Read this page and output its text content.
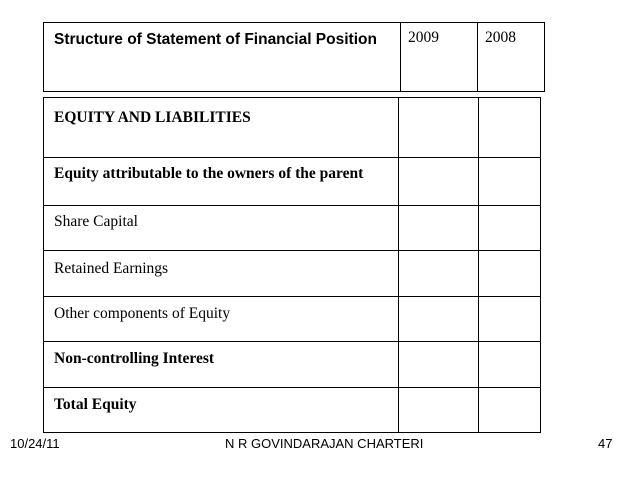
Structure of Statement of Financial Position	2009	2008
EQUITY AND LIABILITIES
Equity attributable to the owners of the parent
Share Capital
Retained Earnings
Other components of Equity
Non-controlling Interest
Total Equity
10/24/11	N R GOVINDARAJAN CHARTERI	47
